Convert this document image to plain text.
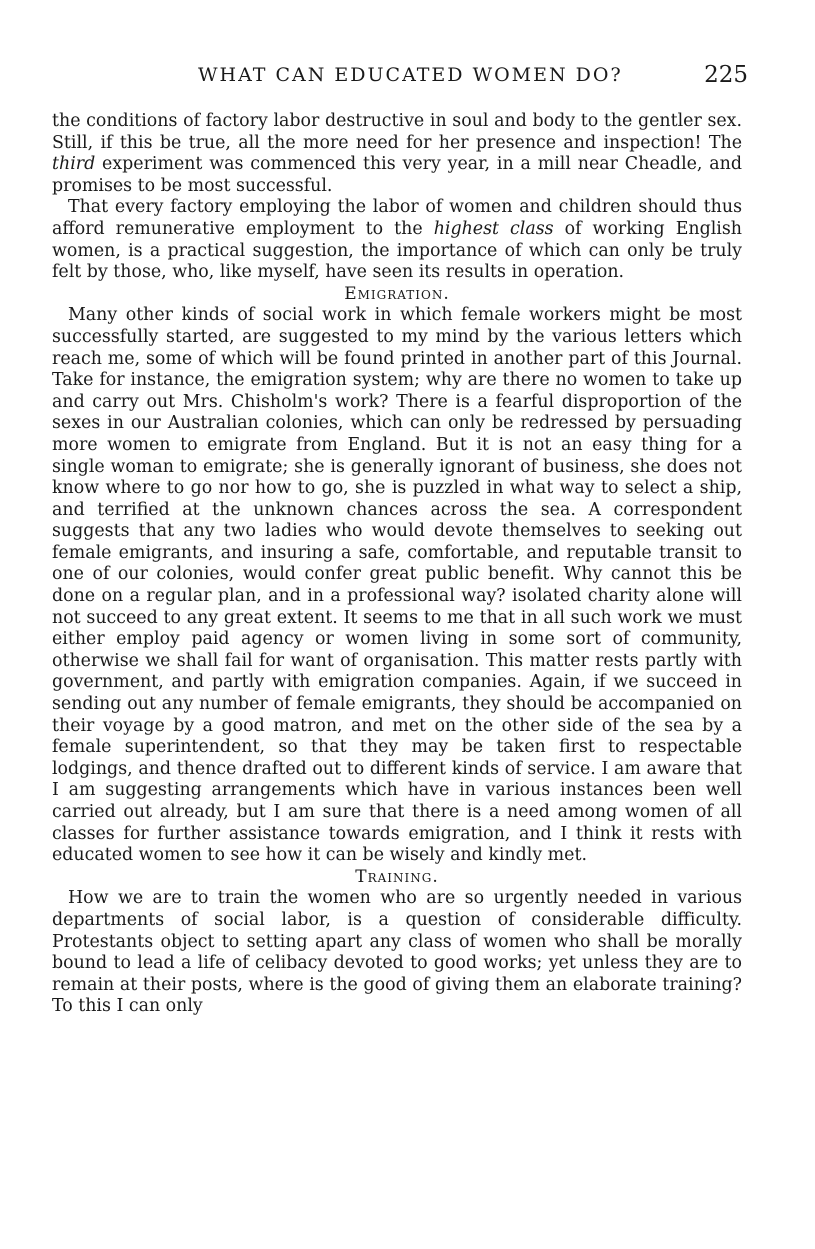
WHAT CAN EDUCATED WOMEN DO?	225

the conditions of factory labor destructive in soul and body to the gentler sex. Still, if this be true, all the more need for her presence and inspection! The third experiment was commenced this very year, in a mill near Cheadle, and promises to be most successful.

That every factory employing the labor of women and children should thus afford remunerative employment to the highest class of working English women, is a practical suggestion, the importance of which can only be truly felt by those, who, like myself, have seen its results in operation.

Emigration.

Many other kinds of social work in which female workers might be most successfully started, are suggested to my mind by the various letters which reach me, some of which will be found printed in another part of this Journal. Take for instance, the emigration system; why are there no women to take up and carry out Mrs. Chisholm's work? There is a fearful disproportion of the sexes in our Australian colonies, which can only be redressed by persuading more women to emigrate from England. But it is not an easy thing for a single woman to emigrate; she is generally ignorant of business, she does not know where to go nor how to go, she is puzzled in what way to select a ship, and terrified at the unknown chances across the sea. A correspondent suggests that any two ladies who would devote themselves to seeking out female emigrants, and insuring a safe, comfortable, and reputable transit to one of our colonies, would confer great public benefit. Why cannot this be done on a regular plan, and in a professional way? isolated charity alone will not succeed to any great extent. It seems to me that in all such work we must either employ paid agency or women living in some sort of community, otherwise we shall fail for want of organisation. This matter rests partly with government, and partly with emigration companies. Again, if we succeed in sending out any number of female emigrants, they should be accompanied on their voyage by a good matron, and met on the other side of the sea by a female superintendent, so that they may be taken first to respectable lodgings, and thence drafted out to different kinds of service. I am aware that I am suggesting arrangements which have in various instances been well carried out already, but I am sure that there is a need among women of all classes for further assistance towards emigration, and I think it rests with educated women to see how it can be wisely and kindly met.

Training.

How we are to train the women who are so urgently needed in various departments of social labor, is a question of considerable difficulty. Protestants object to setting apart any class of women who shall be morally bound to lead a life of celibacy devoted to good works; yet unless they are to remain at their posts, where is the good of giving them an elaborate training? To this I can only
